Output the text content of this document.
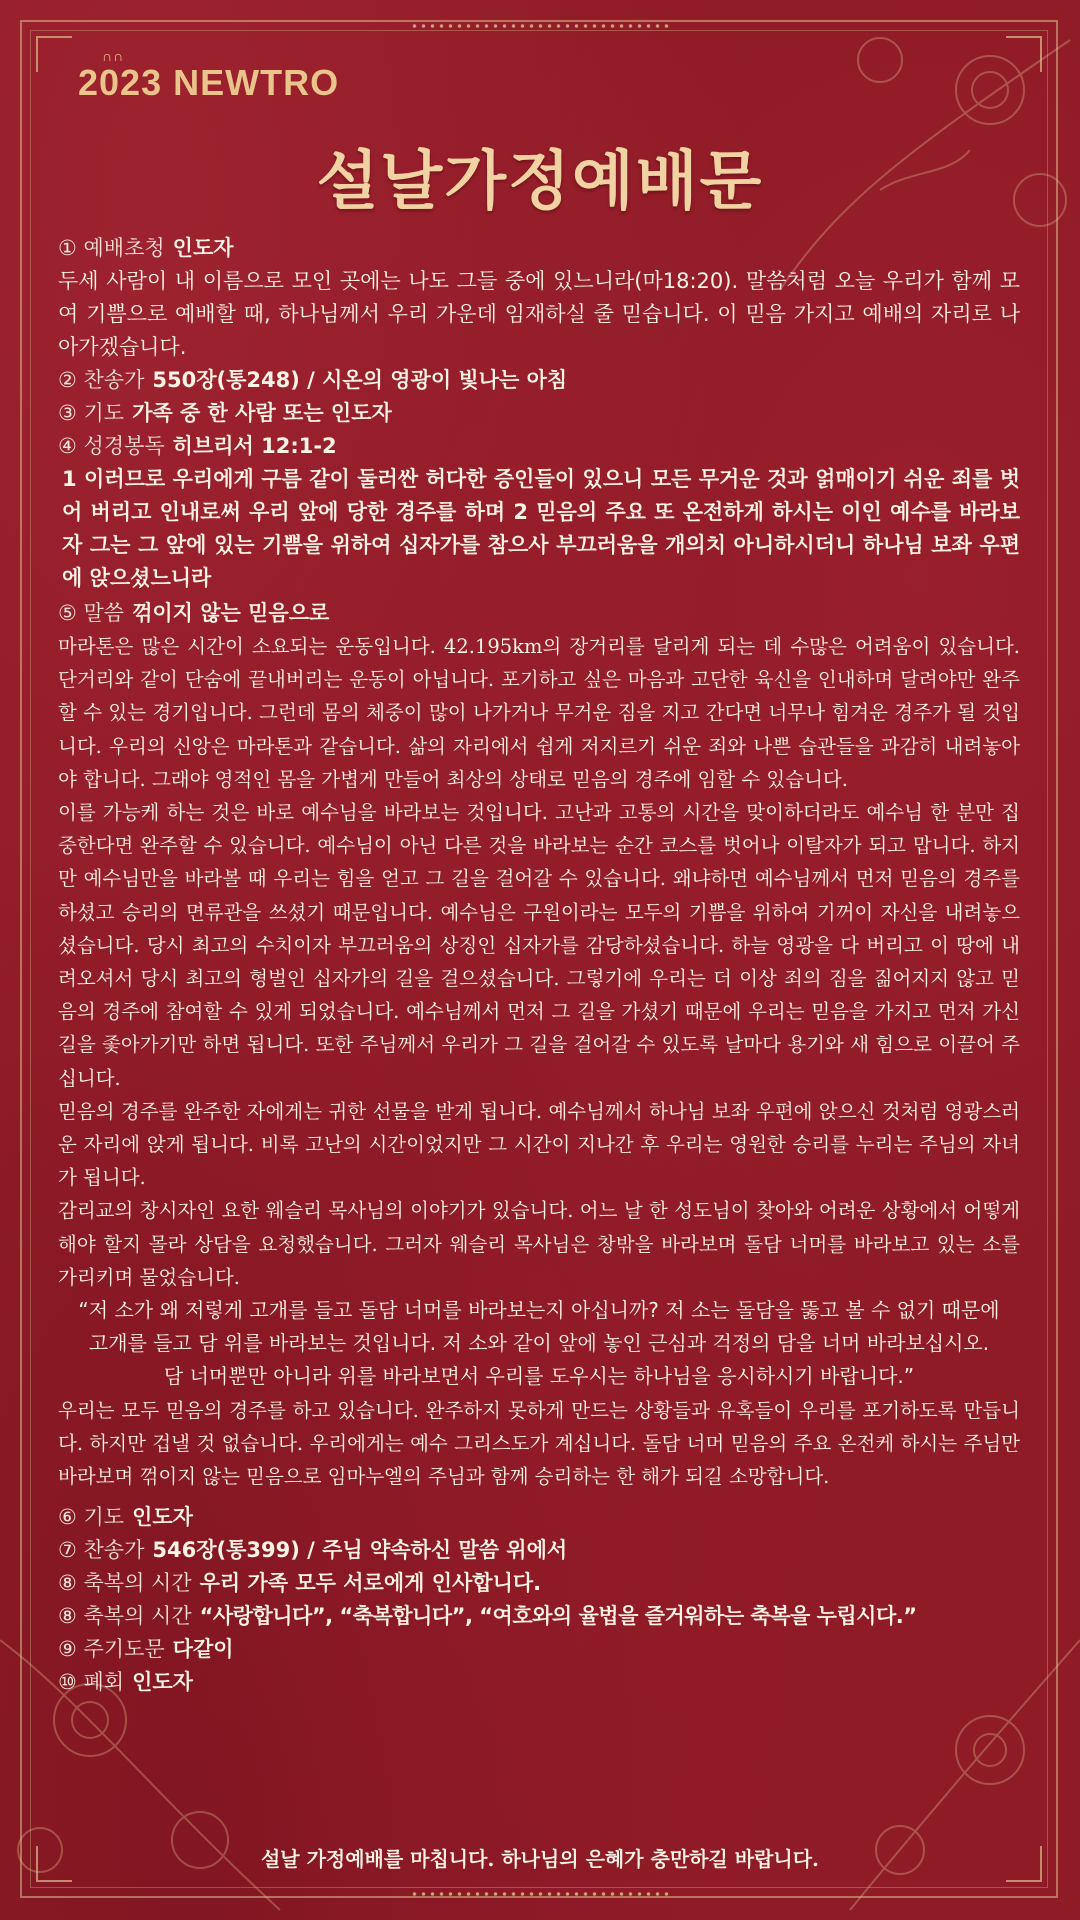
∩∩
2023 NEWTRO
설날가정예배문
① 예배초청 인도자
두세 사람이 내 이름으로 모인 곳에는 나도 그들 중에 있느니라(마18:20). 말씀처럼 오늘 우리가 함께 모여 기쁨으로 예배할 때, 하나님께서 우리 가운데 임재하실 줄 믿습니다. 이 믿음 가지고 예배의 자리로 나아가겠습니다.
② 찬송가 550장(통248) / 시온의 영광이 빛나는 아침
③ 기도 가족 중 한 사람 또는 인도자
④ 성경봉독 히브리서 12:1-2
1 이러므로 우리에게 구름 같이 둘러싼 허다한 증인들이 있으니 모든 무거운 것과 얽매이기 쉬운 죄를 벗어 버리고 인내로써 우리 앞에 당한 경주를 하며 2 믿음의 주요 또 온전하게 하시는 이인 예수를 바라보자 그는 그 앞에 있는 기쁨을 위하여 십자가를 참으사 부끄러움을 개의치 아니하시더니 하나님 보좌 우편에 앉으셨느니라
⑤ 말씀 꺾이지 않는 믿음으로

마라톤은 많은 시간이 소요되는 운동입니다. 42.195km의 장거리를 달리게 되는 데 수많은 어려움이 있습니다. 단거리와 같이 단숨에 끝내버리는 운동이 아닙니다. 포기하고 싶은 마음과 고단한 육신을 인내하며 달려야만 완주할 수 있는 경기입니다. 그런데 몸의 체중이 많이 나가거나 무거운 짐을 지고 간다면 너무나 힘겨운 경주가 될 것입니다. 우리의 신앙은 마라톤과 같습니다. 삶의 자리에서 쉽게 저지르기 쉬운 죄와 나쁜 습관들을 과감히 내려놓아야 합니다. 그래야 영적인 몸을 가볍게 만들어 최상의 상태로 믿음의 경주에 임할 수 있습니다.

이를 가능케 하는 것은 바로 예수님을 바라보는 것입니다. 고난과 고통의 시간을 맞이하더라도 예수님 한 분만 집중한다면 완주할 수 있습니다. 예수님이 아닌 다른 것을 바라보는 순간 코스를 벗어나 이탈자가 되고 맙니다. 하지만 예수님만을 바라볼 때 우리는 힘을 얻고 그 길을 걸어갈 수 있습니다. 왜냐하면 예수님께서 먼저 믿음의 경주를 하셨고 승리의 면류관을 쓰셨기 때문입니다. 예수님은 구원이라는 모두의 기쁨을 위하여 기꺼이 자신을 내려놓으셨습니다. 당시 최고의 수치이자 부끄러움의 상징인 십자가를 감당하셨습니다. 하늘 영광을 다 버리고 이 땅에 내려오셔서 당시 최고의 형벌인 십자가의 길을 걸으셨습니다. 그렇기에 우리는 더 이상 죄의 짐을 짊어지지 않고 믿음의 경주에 참여할 수 있게 되었습니다. 예수님께서 먼저 그 길을 가셨기 때문에 우리는 믿음을 가지고 먼저 가신 길을 좇아가기만 하면 됩니다. 또한 주님께서 우리가 그 길을 걸어갈 수 있도록 날마다 용기와 새 힘으로 이끌어 주십니다.

믿음의 경주를 완주한 자에게는 귀한 선물을 받게 됩니다. 예수님께서 하나님 보좌 우편에 앉으신 것처럼 영광스러운 자리에 앉게 됩니다. 비록 고난의 시간이었지만 그 시간이 지나간 후 우리는 영원한 승리를 누리는 주님의 자녀가 됩니다.

감리교의 창시자인 요한 웨슬리 목사님의 이야기가 있습니다. 어느 날 한 성도님이 찾아와 어려운 상황에서 어떻게 해야 할지 몰라 상담을 요청했습니다. 그러자 웨슬리 목사님은 창밖을 바라보며 돌담 너머를 바라보고 있는 소를 가리키며 물었습니다.

“저 소가 왜 저렇게 고개를 들고 돌담 너머를 바라보는지 아십니까? 저 소는 돌담을 뚫고 볼 수 없기 때문에
고개를 들고 담 위를 바라보는 것입니다. 저 소와 같이 앞에 놓인 근심과 걱정의 담을 너머 바라보십시오.
담 너머뿐만 아니라 위를 바라보면서 우리를 도우시는 하나님을 응시하시기 바랍니다.”

우리는 모두 믿음의 경주를 하고 있습니다. 완주하지 못하게 만드는 상황들과 유혹들이 우리를 포기하도록 만듭니다. 하지만 겁낼 것 없습니다. 우리에게는 예수 그리스도가 계십니다. 돌담 너머 믿음의 주요 온전케 하시는 주님만 바라보며 꺾이지 않는 믿음으로 임마누엘의 주님과 함께 승리하는 한 해가 되길 소망합니다.

⑥ 기도 인도자
⑦ 찬송가 546장(통399) / 주님 약속하신 말씀 위에서
⑧ 축복의 시간 우리 가족 모두 서로에게 인사합니다.
⑧ 축복의 시간 “사랑합니다”, “축복합니다”, “여호와의 율법을 즐거워하는 축복을 누립시다.”
⑨ 주기도문 다같이
⑩ 폐회 인도자
설날 가정예배를 마칩니다. 하나님의 은혜가 충만하길 바랍니다.
